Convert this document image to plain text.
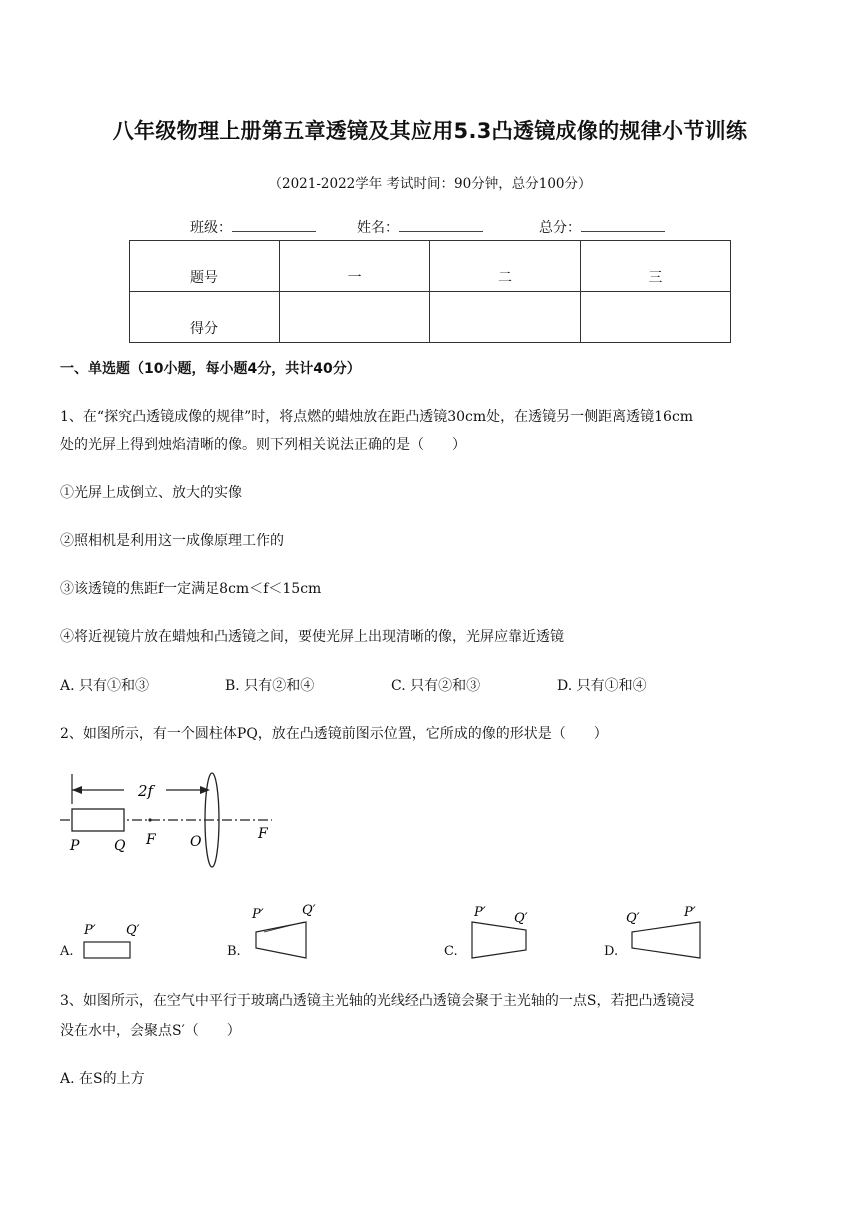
八年级物理上册第五章透镜及其应用5.3凸透镜成像的规律小节训练
（2021-2022学年 考试时间：90分钟，总分100分）
班级：	姓名：	总分：
题号	一	二	三
得分			
一、单选题（10小题，每小题4分，共计40分）
1、在“探究凸透镜成像的规律”时，将点燃的蜡烛放在距凸透镜30cm处，在透镜另一侧距离透镜16cm
处的光屏上得到烛焰清晰的像。则下列相关说法正确的是（　　）
①光屏上成倒立、放大的实像
②照相机是利用这一成像原理工作的
③该透镜的焦距f一定满足8cm＜f＜15cm
④将近视镜片放在蜡烛和凸透镜之间，要使光屏上出现清晰的像，光屏应靠近透镜
A. 只有①和③	B. 只有②和④	C. 只有②和③	D. 只有①和④
2、如图所示，有一个圆柱体PQ，放在凸透镜前图示位置，它所成的像的形状是（　　）
2f
P Q F O	F
A.
P′ Q′
B.
P′	Q′
C.
P′ Q′
D.
Q′	P′
3、如图所示，在空气中平行于玻璃凸透镜主光轴的光线经凸透镜会聚于主光轴的一点S，若把凸透镜浸
没在水中，会聚点S′（　　）
A. 在S的上方
